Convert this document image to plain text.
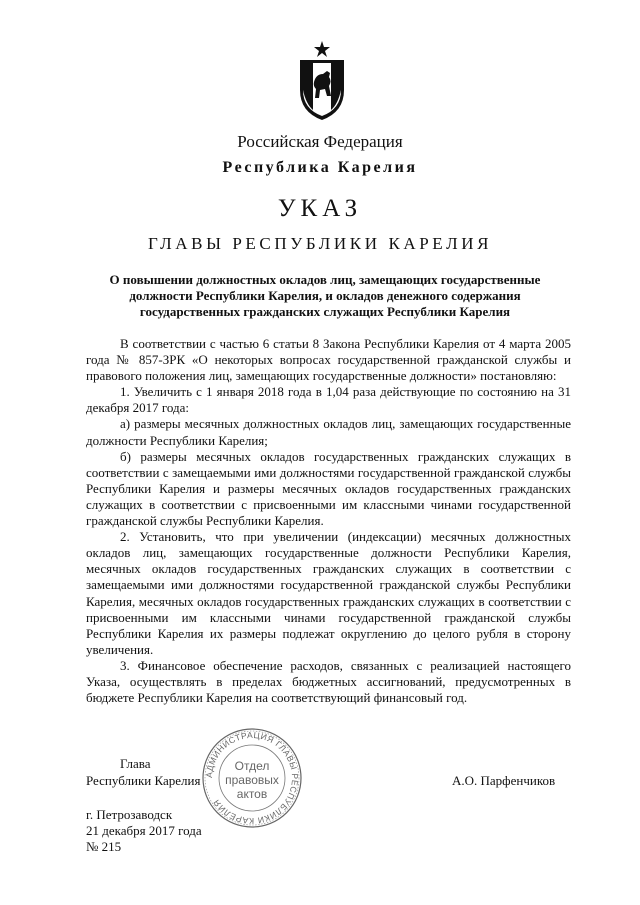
Российская Федерация
Республика Карелия
УКАЗ
ГЛАВЫ РЕСПУБЛИКИ КАРЕЛИЯ
О повышении должностных окладов лиц, замещающих государственные
должности Республики Карелия, и окладов денежного содержания
государственных гражданских служащих Республики Карелия

В соответствии с частью 6 статьи 8 Закона Республики Карелия от 4 марта 2005 года № 857-ЗРК «О некоторых вопросах государственной гражданской службы и правового положения лиц, замещающих государственные должности» постановляю:

1. Увеличить с 1 января 2018 года в 1,04 раза действующие по состоянию на 31 декабря 2017 года:

а) размеры месячных должностных окладов лиц, замещающих государственные должности Республики Карелия;

б) размеры месячных окладов государственных гражданских служащих в соответствии с замещаемыми ими должностями государственной гражданской службы Республики Карелия и размеры месячных окладов государственных гражданских служащих в соответствии с присвоенными им классными чинами государственной гражданской службы Республики Карелия.

2. Установить, что при увеличении (индексации) месячных должностных окладов лиц, замещающих государственные должности Республики Карелия, месячных окладов государственных гражданских служащих в соответствии с замещаемыми ими должностями государственной гражданской службы Республики Карелия, месячных окладов государственных гражданских служащих в соответствии с присвоенными им классными чинами государственной гражданской службы Республики Карелия их размеры подлежат округлению до целого рубля в сторону увеличения.

3. Финансовое обеспечение расходов, связанных с реализацией настоящего Указа, осуществлять в пределах бюджетных ассигнований, предусмотренных в бюджете Республики Карелия на соответствующий финансовый год.

Глава
Республики Карелия	А.О. Парфенчиков
г. Петрозаводск
21 декабря 2017 года
№ 215
АДМИНИСТРАЦИЯ ГЛАВЫ РЕСПУБЛИКИ КАРЕЛИЯ
Отдел
правовых
актов
